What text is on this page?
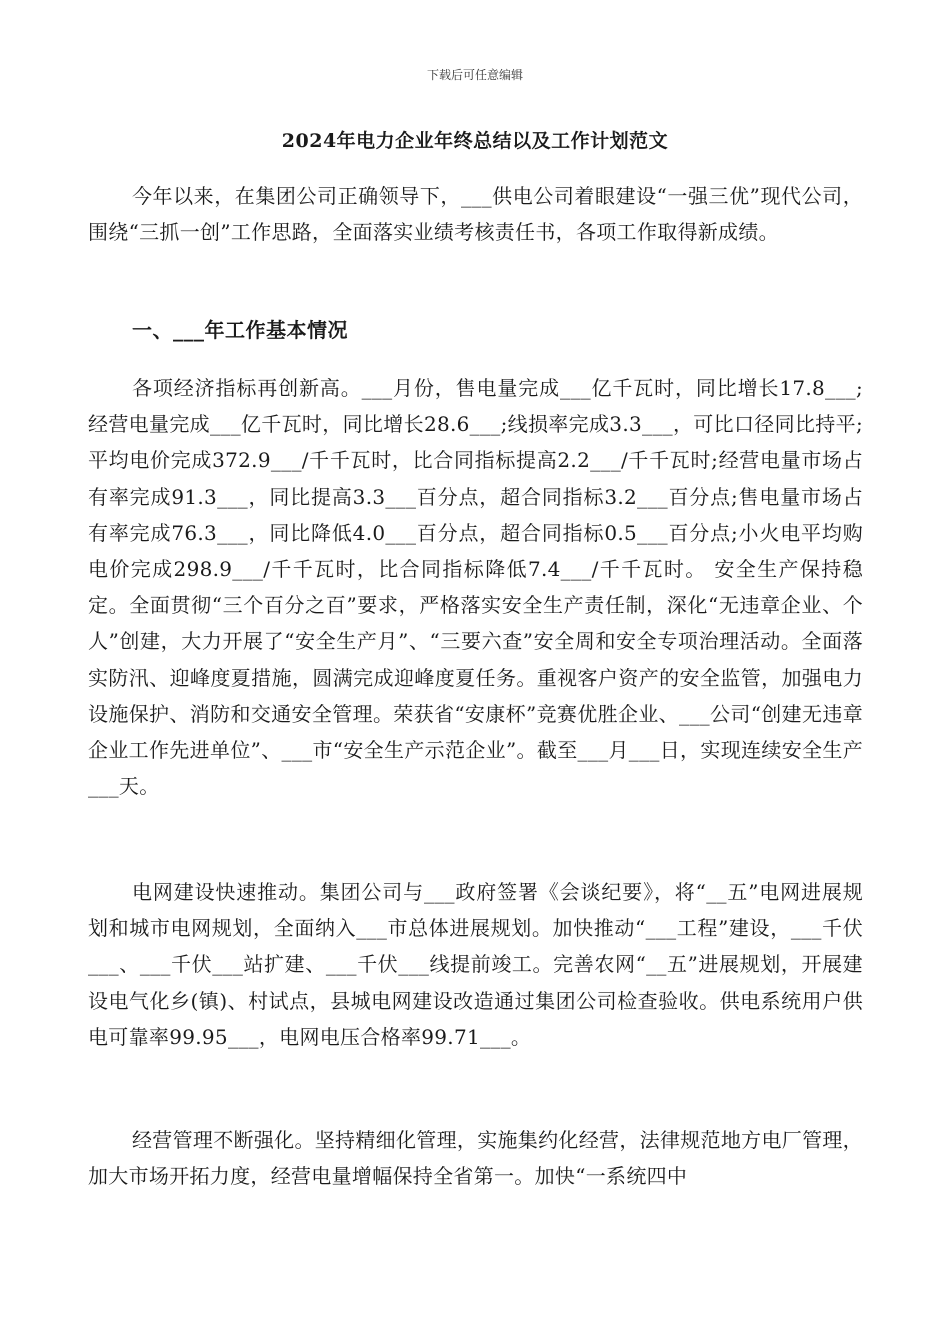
下载后可任意编辑
2024年电力企业年终总结以及工作计划范文

今年以来，在集团公司正确领导下，___供电公司着眼建设“一强三优”现代公司，围绕“三抓一创”工作思路，全面落实业绩考核责任书，各项工作取得新成绩。

一、___年工作基本情况

各项经济指标再创新高。___月份，售电量完成___亿千瓦时，同比增长17.8___;经营电量完成___亿千瓦时，同比增长28.6___;线损率完成3.3___，可比口径同比持平;平均电价完成372.9___/千千瓦时，比合同指标提高2.2___/千千瓦时;经营电量市场占有率完成91.3___，同比提高3.3___百分点，超合同指标3.2___百分点;售电量市场占有率完成76.3___，同比降低4.0___百分点，超合同指标0.5___百分点;小火电平均购电价完成298.9___/千千瓦时，比合同指标降低7.4___/千千瓦时。 安全生产保持稳定。全面贯彻“三个百分之百”要求，严格落实安全生产责任制，深化“无违章企业、个人”创建，大力开展了“安全生产月”、“三要六查”安全周和安全专项治理活动。全面落实防汛、迎峰度夏措施，圆满完成迎峰度夏任务。重视客户资产的安全监管，加强电力设施保护、消防和交通安全管理。荣获省“安康杯”竞赛优胜企业、___公司“创建无违章企业工作先进单位”、___市“安全生产示范企业”。截至___月___日，实现连续安全生产___天。

电网建设快速推动。集团公司与___政府签署《会谈纪要》，将“__五”电网进展规划和城市电网规划，全面纳入___市总体进展规划。加快推动“___工程”建设，___千伏___、___千伏___站扩建、___千伏___线提前竣工。完善农网“__五”进展规划，开展建设电气化乡(镇)、村试点，县城电网建设改造通过集团公司检查验收。供电系统用户供电可靠率99.95___，电网电压合格率99.71___。

经营管理不断强化。坚持精细化管理，实施集约化经营，法律规范地方电厂管理，加大市场开拓力度，经营电量增幅保持全省第一。加快“一系统四中
